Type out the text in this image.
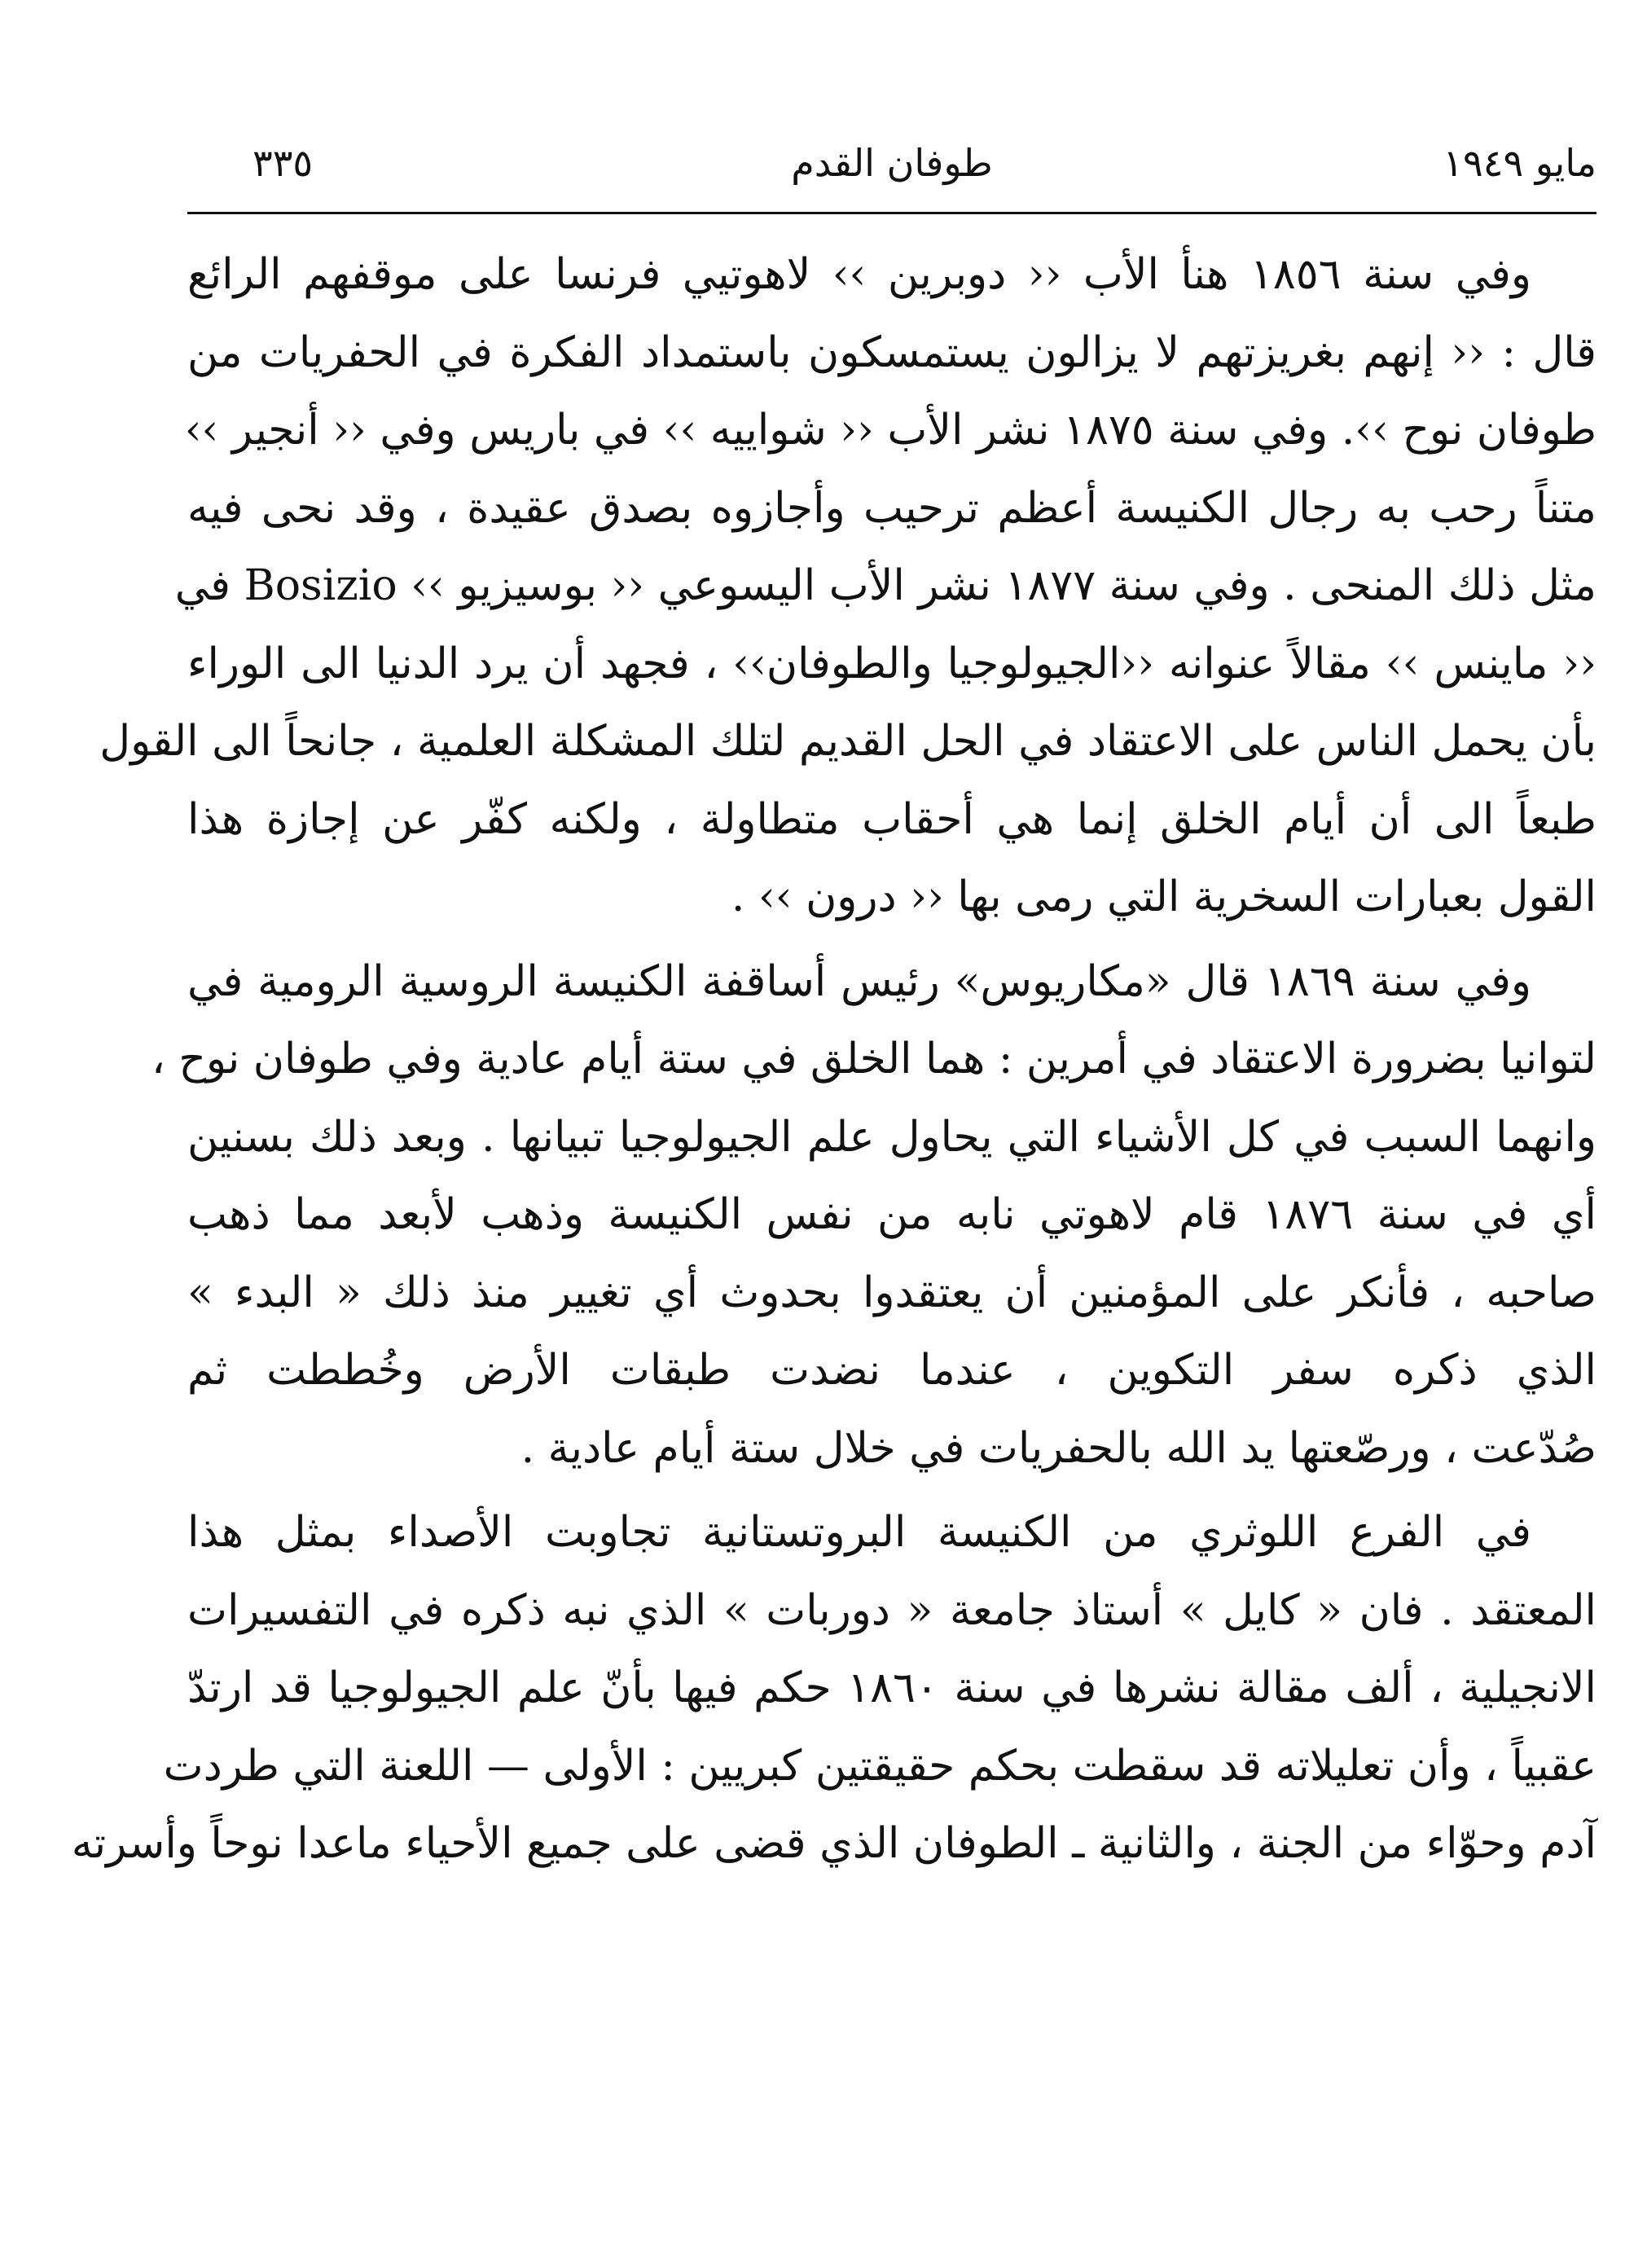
مايو ١٩٤٩
طوفان القدم
٣٣٥
وفي سنة ١٨٥٦ هنأ الأب ‹‹ دوبرين ›› لاهوتيي فرنسا على موقفهم الرائع
قال : ‹‹ إنهم بغريزتهم لا يزالون يستمسكون باستمداد الفكرة في الحفريات من
طوفان نوح ››. وفي سنة ١٨٧٥ نشر الأب ‹‹ شواييه ›› في باريس وفي ‹‹ أنجير ››
متناً رحب به رجال الكنيسة أعظم ترحيب وأجازوه بصدق عقيدة ، وقد نحى فيه
مثل ذلك المنحى . وفي سنة ١٨٧٧ نشر الأب اليسوعي ‹‹ بوسيزيو ›› Bosizio في
‹‹ ماينس ›› مقالاً عنوانه ‹‹الجيولوجيا والطوفان›› ، فجهد أن يرد الدنيا الى الوراء
بأن يحمل الناس على الاعتقاد في الحل القديم لتلك المشكلة العلمية ، جانحاً الى القول
طبعاً الى أن أيام الخلق إنما هي أحقاب متطاولة ، ولكنه كفّر عن إجازة هذا
القول بعبارات السخرية التي رمى بها ‹‹ درون ›› .
وفي سنة ١٨٦٩ قال «مكاريوس» رئيس أساقفة الكنيسة الروسية الرومية في
لتوانيا بضرورة الاعتقاد في أمرين : هما الخلق في ستة أيام عادية وفي طوفان نوح ،
وانهما السبب في كل الأشياء التي يحاول علم الجيولوجيا تبيانها . وبعد ذلك بسنين
أي في سنة ١٨٧٦ قام لاهوتي نابه من نفس الكنيسة وذهب لأبعد مما ذهب
صاحبه ، فأنكر على المؤمنين أن يعتقدوا بحدوث أي تغيير منذ ذلك « البدء »
الذي ذكره سفر التكوين ، عندما نضدت طبقات الأرض وخُططت ثم
صُدّعت ، ورصّعتها يد الله بالحفريات في خلال ستة أيام عادية .
في الفرع اللوثري من الكنيسة البروتستانية تجاوبت الأصداء بمثل هذا
المعتقد . فان « كايل » أستاذ جامعة « دوربات » الذي نبه ذكره في التفسيرات
الانجيلية ، ألف مقالة نشرها في سنة ١٨٦٠ حكم فيها بأنّ علم الجيولوجيا قد ارتدّ
عقبياً ، وأن تعليلاته قد سقطت بحكم حقيقتين كبريين : الأولى — اللعنة التي طردت
آدم وحوّاء من الجنة ، والثانية ـ الطوفان الذي قضى على جميع الأحياء ماعدا نوحاً وأسرته
